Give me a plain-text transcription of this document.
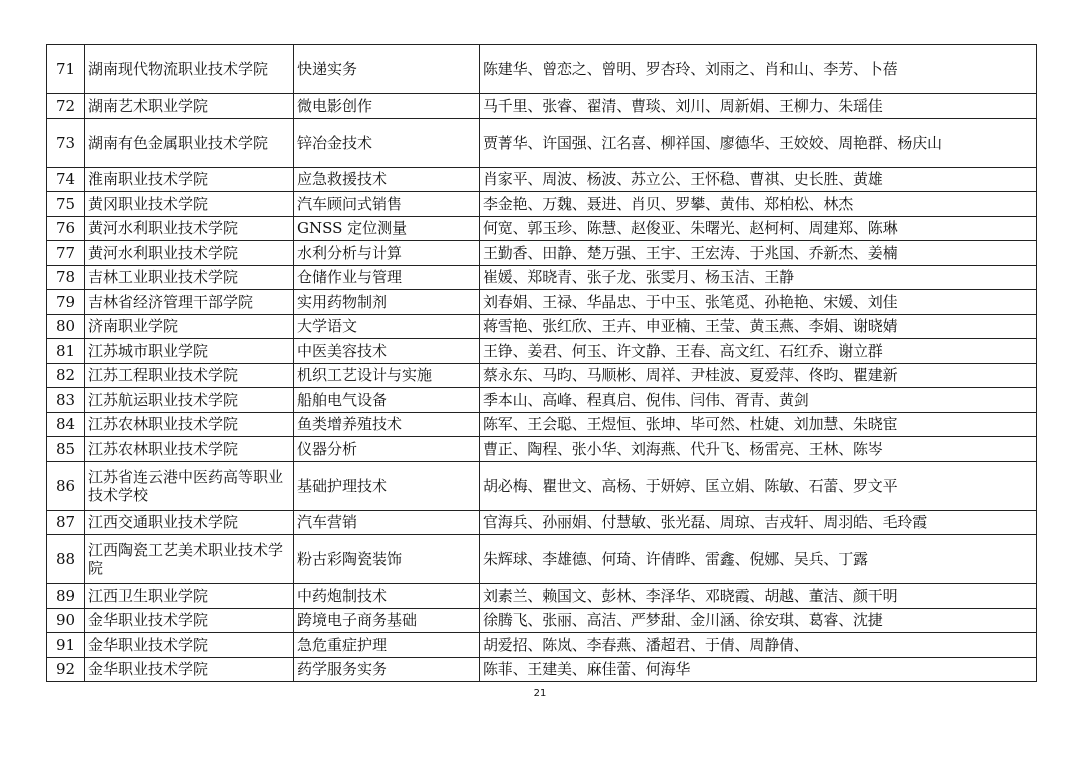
71	湖南现代物流职业技术学院	快递实务	陈建华、曾恋之、曾明、罗杏玲、刘雨之、肖和山、李芳、卜蓓
72	湖南艺术职业学院	微电影创作	马千里、张睿、翟清、曹琰、刘川、周新娟、王柳力、朱瑶佳
73	湖南有色金属职业技术学院	锌冶金技术	贾菁华、许国强、江名喜、柳祥国、廖德华、王姣姣、周艳群、杨庆山
74	淮南职业技术学院	应急救援技术	肖家平、周波、杨波、苏立公、王怀稳、曹祺、史长胜、黄雄
75	黄冈职业技术学院	汽车顾问式销售	李金艳、万魏、聂进、肖贝、罗攀、黄伟、郑柏松、林杰
76	黄河水利职业技术学院	GNSS 定位测量	何宽、郭玉珍、陈慧、赵俊亚、朱曙光、赵柯柯、周建郑、陈琳
77	黄河水利职业技术学院	水利分析与计算	王勤香、田静、楚万强、王宇、王宏涛、于兆国、乔新杰、姜楠
78	吉林工业职业技术学院	仓储作业与管理	崔媛、郑晓青、张子龙、张雯月、杨玉洁、王静
79	吉林省经济管理干部学院	实用药物制剂	刘春娟、王禄、华晶忠、于中玉、张笔觅、孙艳艳、宋媛、刘佳
80	济南职业学院	大学语文	蒋雪艳、张红欣、王卉、申亚楠、王莹、黄玉燕、李娟、谢晓婧
81	江苏城市职业学院	中医美容技术	王铮、姜君、何玉、许文静、王春、高文红、石红乔、谢立群
82	江苏工程职业技术学院	机织工艺设计与实施	蔡永东、马昀、马顺彬、周祥、尹桂波、夏爱萍、佟昀、瞿建新
83	江苏航运职业技术学院	船舶电气设备	季本山、高峰、程真启、倪伟、闫伟、胥青、黄剑
84	江苏农林职业技术学院	鱼类增养殖技术	陈军、王会聪、王煜恒、张坤、毕可然、杜婕、刘加慧、朱晓宦
85	江苏农林职业技术学院	仪器分析	曹正、陶程、张小华、刘海燕、代升飞、杨雷亮、王林、陈岑
86	江苏省连云港中医药高等职业技术学校	基础护理技术	胡必梅、瞿世文、高杨、于妍婷、匡立娟、陈敏、石蕾、罗文平
87	江西交通职业技术学院	汽车营销	官海兵、孙丽娟、付慧敏、张光磊、周琼、吉戎轩、周羽皓、毛玲霞
88	江西陶瓷工艺美术职业技术学院	粉古彩陶瓷装饰	朱辉球、李雄德、何琦、许倩晔、雷鑫、倪娜、吴兵、丁露
89	江西卫生职业学院	中药炮制技术	刘素兰、赖国文、彭林、李泽华、邓晓霞、胡越、董洁、颜干明
90	金华职业技术学院	跨境电子商务基础	徐腾飞、张丽、高洁、严梦甜、金川涵、徐安琪、葛睿、沈捷
91	金华职业技术学院	急危重症护理	胡爱招、陈岚、李春燕、潘超君、于倩、周静倩、
92	金华职业技术学院	药学服务实务	陈菲、王建美、麻佳蕾、何海华
21
